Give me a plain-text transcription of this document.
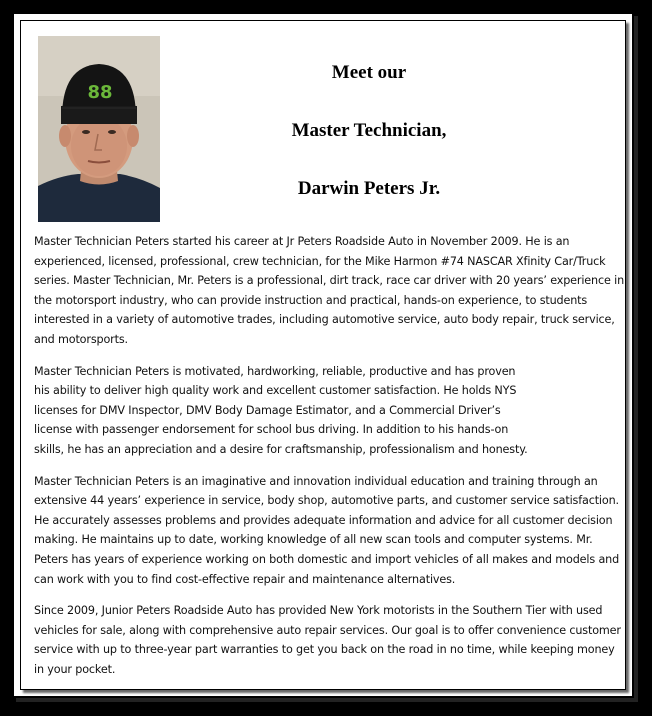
88
Meet our
Master Technician,
Darwin Peters Jr.

Master Technician Peters started his career at Jr Peters Roadside Auto in November 2009. He is an experienced, licensed, professional, crew technician, for the Mike Harmon #74 NASCAR Xfinity Car/Truck series. Master Technician, Mr. Peters is a professional, dirt track, race car driver with 20 years’ experience in the motorsport industry, who can provide instruction and practical, hands-on experience, to students interested in a variety of automotive trades, including automotive service, auto body repair, truck service, and motorsports.

Master Technician Peters is motivated, hardworking, reliable, productive and has proven his ability to deliver high quality work and excellent customer satisfaction. He holds NYS licenses for DMV Inspector, DMV Body Damage Estimator, and a Commercial Driver’s license with passenger endorsement for school bus driving. In addition to his hands-on skills, he has an appreciation and a desire for craftsmanship, professionalism and honesty.

Master Technician Peters is an imaginative and innovation individual education and training through an extensive 44 years’ experience in service, body shop, automotive parts, and customer service satisfaction. He accurately assesses problems and provides adequate information and advice for all customer decision making. He maintains up to date, working knowledge of all new scan tools and computer systems. Mr. Peters has years of experience working on both domestic and import vehicles of all makes and models and can work with you to find cost-effective repair and maintenance alternatives.

Since 2009, Junior Peters Roadside Auto has provided New York motorists in the Southern Tier with used vehicles for sale, along with comprehensive auto repair services. Our goal is to offer convenience customer service with up to three-year part warranties to get you back on the road in no time, while keeping money in your pocket.
